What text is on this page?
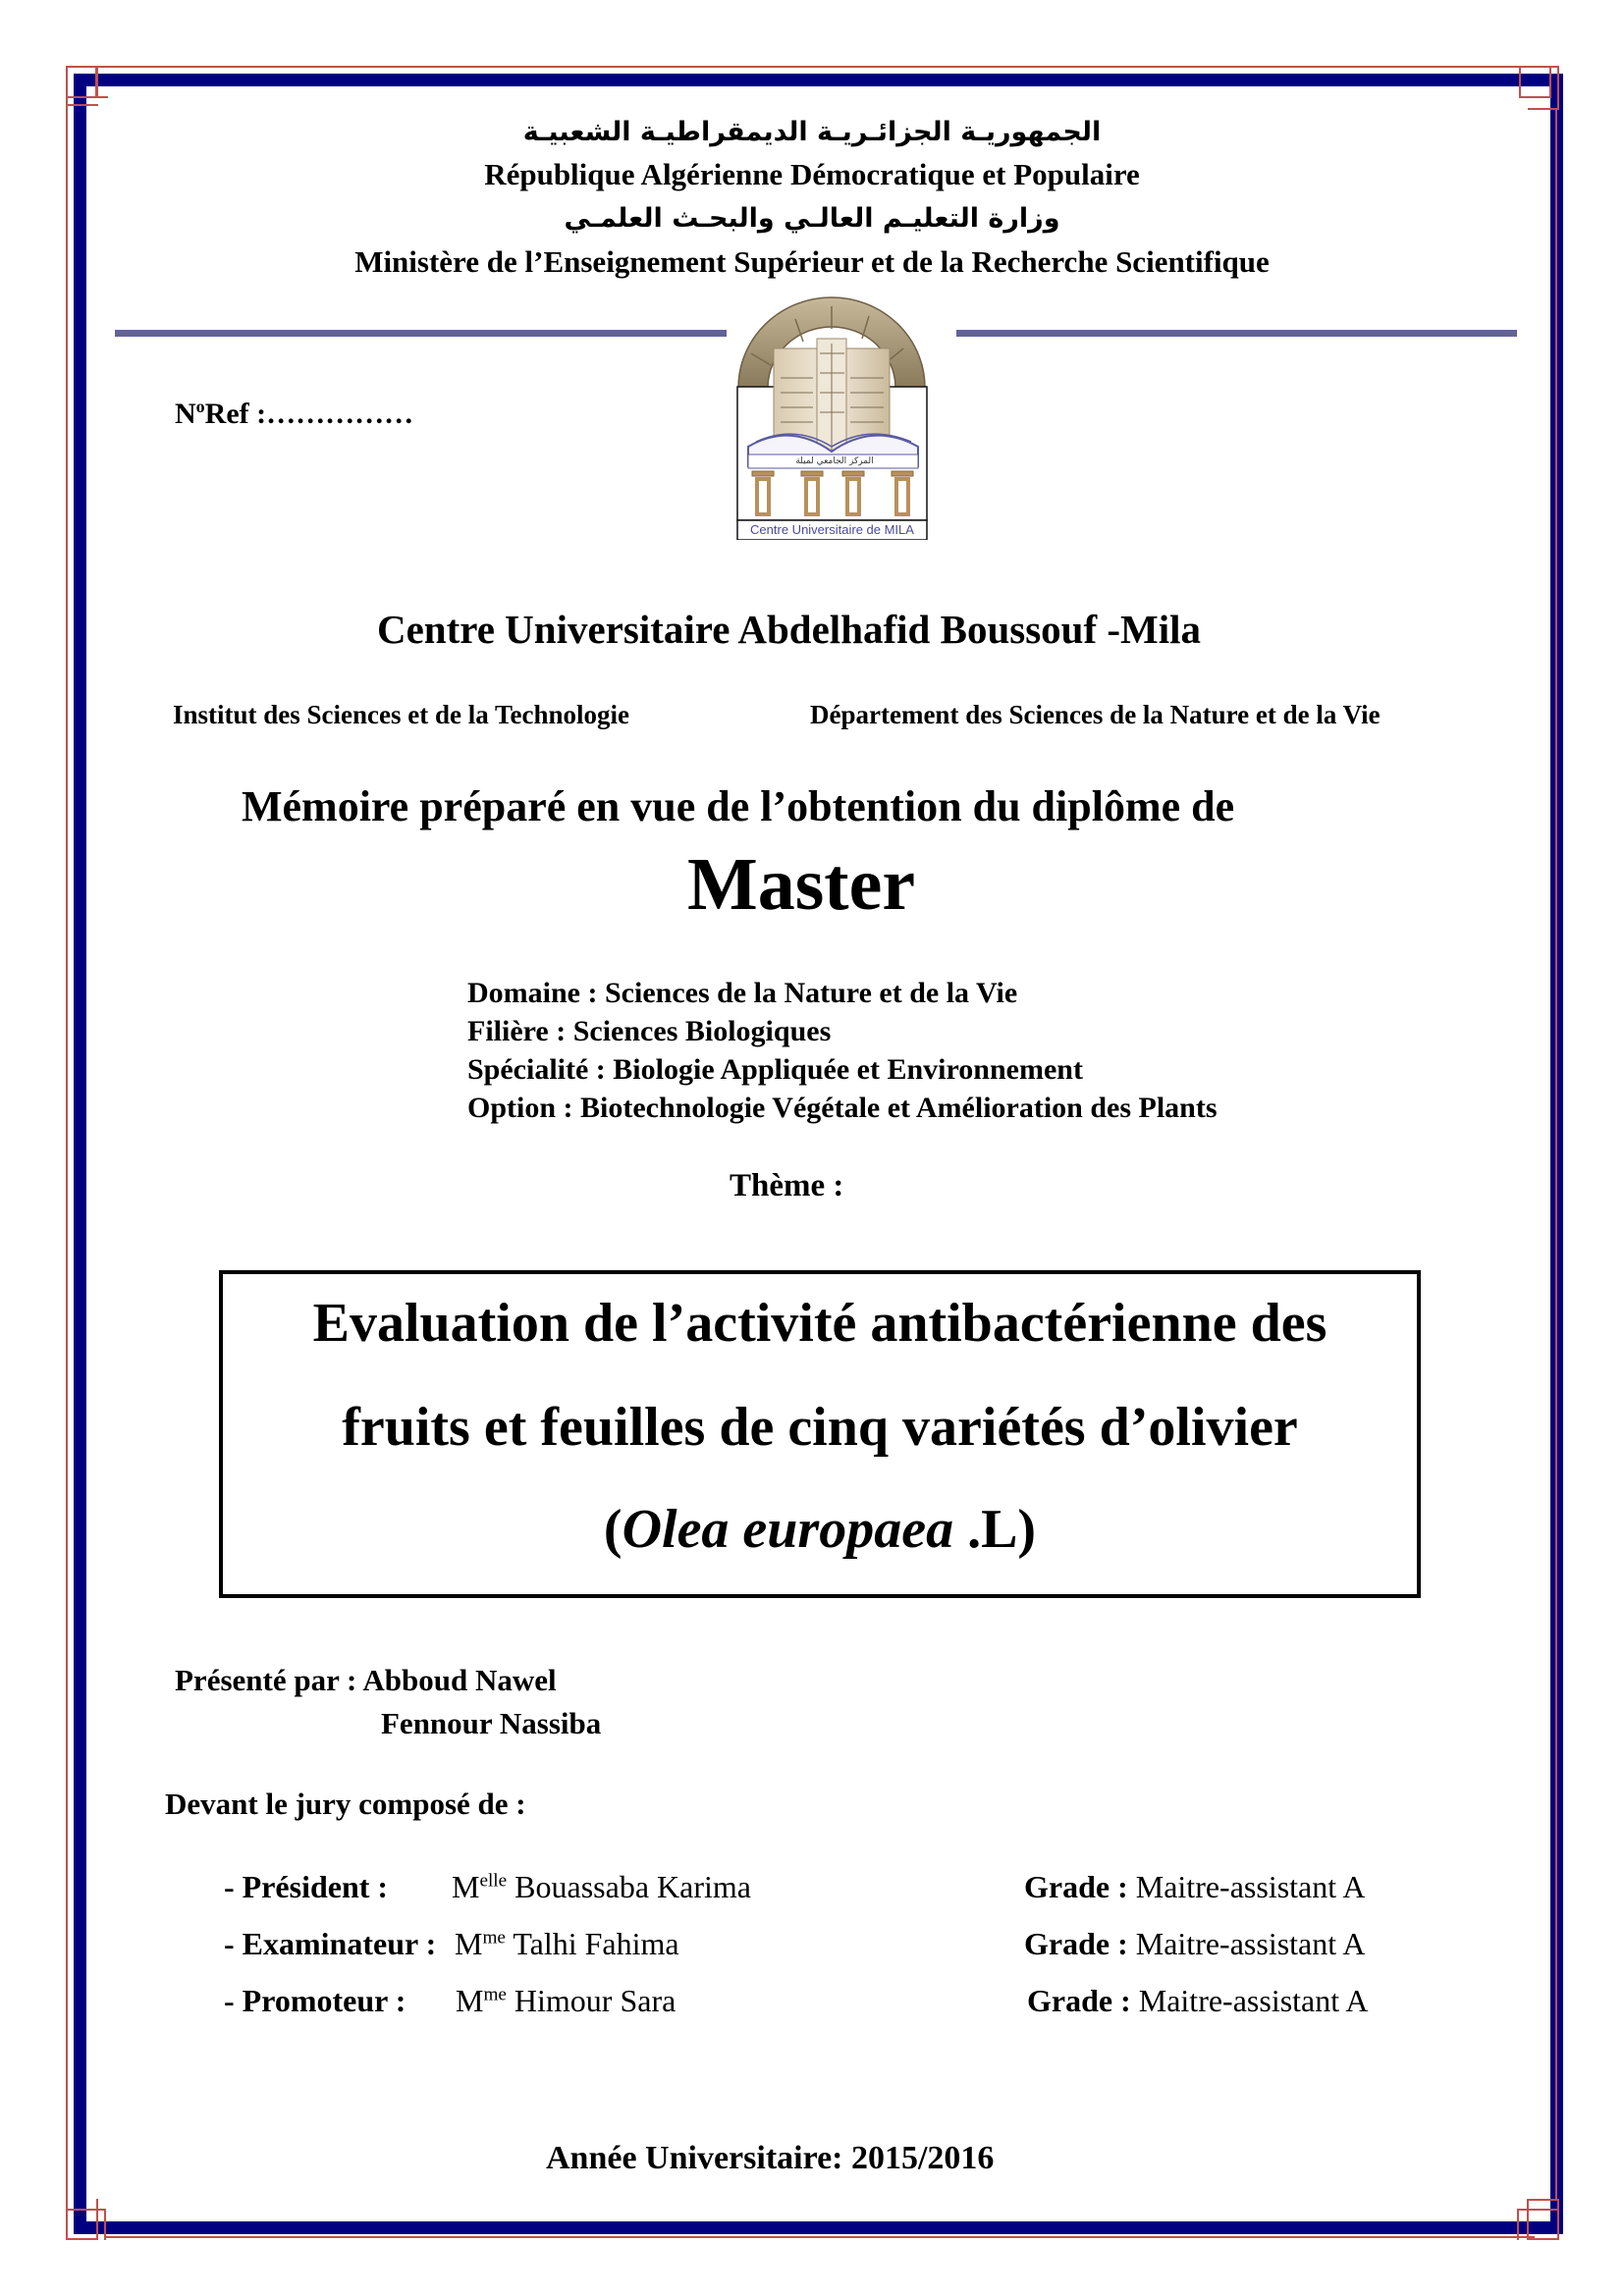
الجمهوريـة الجزائـريـة الديمقراطيـة الشعبيـة
République Algérienne Démocratique et Populaire
وزارة التعليـم العالـي والبحـث العلمـي
Ministère de l’Enseignement Supérieur et de la Recherche Scientifique
$N^oRef$ :……………
المركز الجامعي لميلة
Centre Universitaire de MILA
Centre Universitaire Abdelhafid Boussouf -Mila
Institut des Sciences et de la Technologie	Département des Sciences de la Nature et de la Vie
Mémoire préparé en vue de l’obtention du diplôme de
Master
Domaine : Sciences de la Nature et de la Vie
Filière : Sciences Biologiques
Spécialité : Biologie Appliquée et Environnement
Option : Biotechnologie Végétale et Amélioration des Plants
Thème :
Evaluation de l’activité antibactérienne des
fruits et feuilles de cinq variétés d’olivier
(Olea europaea .L)
Présenté par : Abboud Nawel
Fennour Nassiba
Devant le jury composé de :
- Président : $M^{elle}$ Bouassaba Karima	Grade : Maitre-assistant A
- Examinateur : $M^{me}$ Talhi Fahima	Grade : Maitre-assistant A
- Promoteur : $M^{me}$ Himour Sara	Grade : Maitre-assistant A
Année Universitaire: 2015/2016
